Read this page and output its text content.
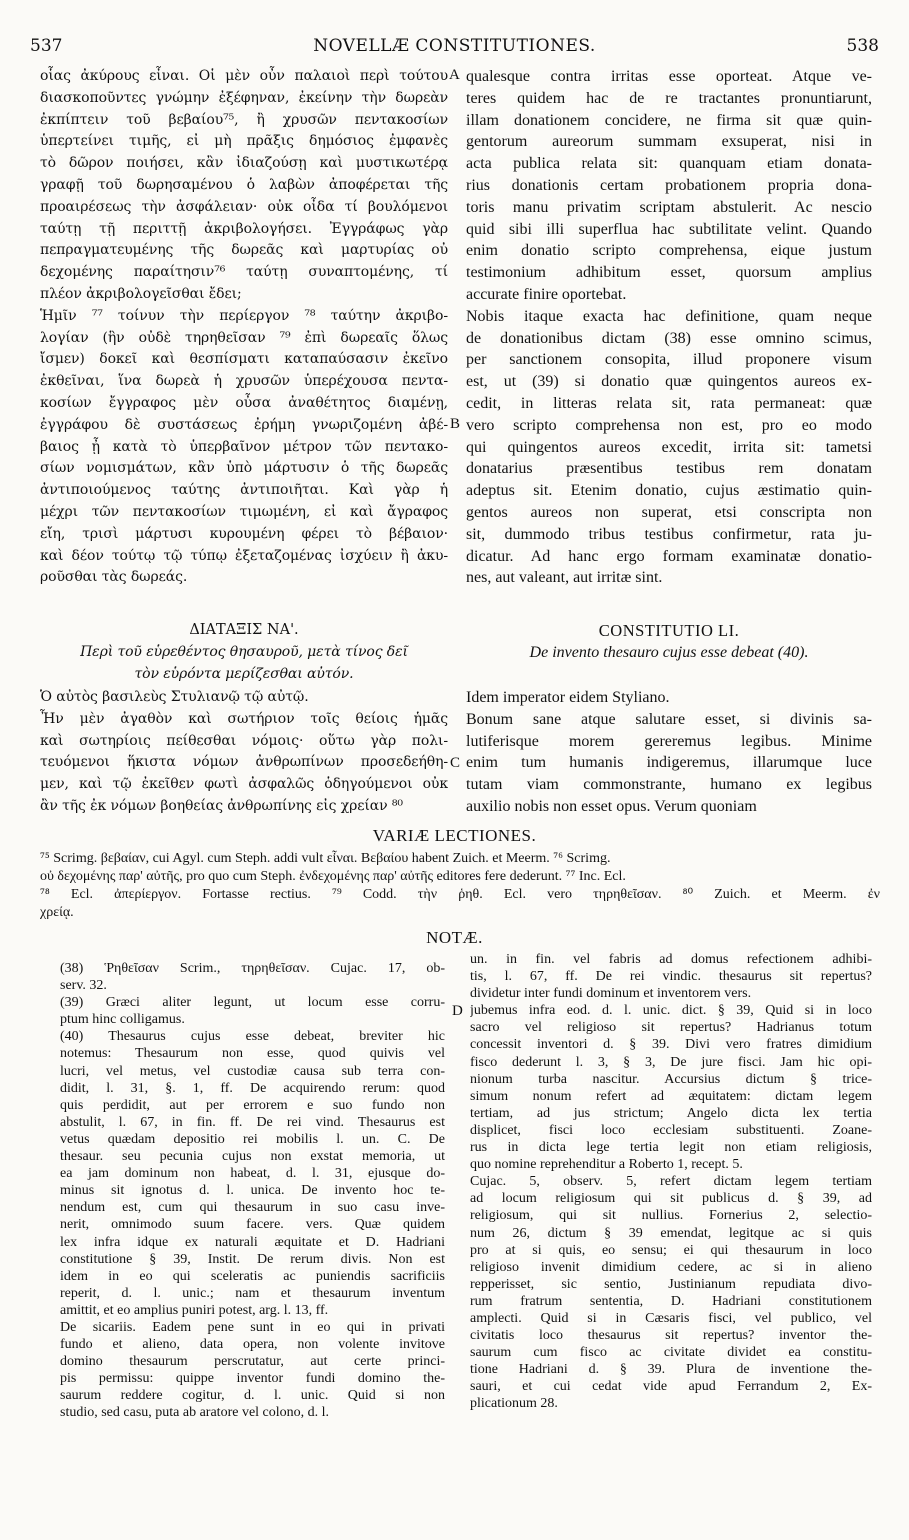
537	NOVELLÆ CONSTITUTIONES.	538
οἷας ἀκύρους εἶναι. Οἱ μὲν οὖν παλαιοὶ περὶ τούτου
διασκοποῦντες γνώμην ἐξέφηναν, ἐκείνην τὴν δωρεὰν
ἐκπίπτειν τοῦ βεβαίου⁷⁵, ἢ χρυσῶν πεντακοσίων
ὑπερτείνει τιμῆς, εἰ μὴ πρᾶξις δημόσιος ἐμφανὲς
τὸ δῶρον ποιήσει, κἂν ἰδιαζούσῃ καὶ μυστικωτέρᾳ
γραφῇ τοῦ δωρησαμένου ὁ λαβὼν ἀποφέρεται τῆς
προαιρέσεως τὴν ἀσφάλειαν· οὐκ οἶδα τί βουλόμενοι
ταύτῃ τῇ περιττῇ ἀκριβολογήσει. Ἐγγράφως γὰρ
πεπραγματευμένης τῆς δωρεᾶς καὶ μαρτυρίας οὐ
δεχομένης παραίτησιν⁷⁶ ταύτῃ συναπτομένης, τί
πλέον ἀκριβολογεῖσθαι ἔδει;
Ἡμῖν ⁷⁷ τοίνυν τὴν περίεργον ⁷⁸ ταύτην ἀκριβο-
λογίαν (ἣν οὐδὲ τηρηθεῖσαν ⁷⁹ ἐπὶ δωρεαῖς ὅλως
ἴσμεν) δοκεῖ καὶ θεσπίσματι καταπαύσασιν ἐκεῖνο
ἐκθεῖναι, ἵνα δωρεὰ ἡ χρυσῶν ὑπερέχουσα πεντα-
κοσίων ἔγγραφος μὲν οὖσα ἀναθέτητος διαμένῃ,
ἐγγράφου δὲ συστάσεως ἐρήμη γνωριζομένη ἀβέ-
βαιος ᾖ κατὰ τὸ ὑπερβαῖνον μέτρον τῶν πεντακο-
σίων νομισμάτων, κἂν ὑπὸ μάρτυσιν ὁ τῆς δωρεᾶς
ἀντιποιούμενος ταύτης ἀντιποιῆται. Καὶ γὰρ ἡ
μέχρι τῶν πεντακοσίων τιμωμένη, εἰ καὶ ἄγραφος
εἴη, τρισὶ μάρτυσι κυρουμένη φέρει τὸ βέβαιον·
καὶ δέον τούτῳ τῷ τύπῳ ἐξεταζομένας ἰσχύειν ἢ ἀκυ-
ροῦσθαι τὰς δωρεάς.
qualesque contra irritas esse oporteat. Atque ve-
teres quidem hac de re tractantes pronuntiarunt,
illam donationem concidere, ne firma sit quæ quin-
gentorum aureorum summam exsuperat, nisi in
acta publica relata sit: quanquam etiam donata-
rius donationis certam probationem propria dona-
toris manu privatim scriptam abstulerit. Ac nescio
quid sibi illi superflua hac subtilitate velint. Quando
enim donatio scripto comprehensa, eique justum
testimonium adhibitum esset, quorsum amplius
accurate finire oportebat.
Nobis itaque exacta hac definitione, quam neque
de donationibus dictam (38) esse omnino scimus,
per sanctionem consopita, illud proponere visum
est, ut (39) si donatio quæ quingentos aureos ex-
cedit, in litteras relata sit, rata permaneat: quæ
vero scripto comprehensa non est, pro eo modo
qui quingentos aureos excedit, irrita sit: tametsi
donatarius præsentibus testibus rem donatam
adeptus sit. Etenim donatio, cujus æstimatio quin-
gentos aureos non superat, etsi conscripta non
sit, dummodo tribus testibus confirmetur, rata ju-
dicatur. Ad hanc ergo formam examinatæ donatio-
nes, aut valeant, aut irritæ sint.
A
B
C
D
ΔΙΑΤΑΞΙΣ ΝΑ'.
Περὶ τοῦ εὑρεθέντος θησαυροῦ, μετὰ τίνος δεῖ
τὸν εὑρόντα μερίζεσθαι αὐτόν.
CONSTITUTIO LI.
De invento thesauro cujus esse debeat (40).
Ὁ αὐτὸς βασιλεὺς Στυλιανῷ τῷ αὐτῷ.
Ἦν μὲν ἀγαθὸν καὶ σωτήριον τοῖς θείοις ἡμᾶς
καὶ σωτηρίοις πείθεσθαι νόμοις· οὕτω γὰρ πολι-
τευόμενοι ἥκιστα νόμων ἀνθρωπίνων προσεδεήθη-
μεν, καὶ τῷ ἐκεῖθεν φωτὶ ἀσφαλῶς ὁδηγούμενοι οὐκ
ἂν τῆς ἐκ νόμων βοηθείας ἀνθρωπίνης εἰς χρείαν ⁸⁰
Idem imperator eidem Styliano.
Bonum sane atque salutare esset, si divinis sa-
lutiferisque morem gereremus legibus. Minime
enim tum humanis indigeremus, illarumque luce
tutam viam commonstrante, humano ex legibus
auxilio nobis non esset opus. Verum quoniam
VARIÆ LECTIONES.
⁷⁵ Scrimg. βεβαίαν, cui Agyl. cum Steph. addi vult εἶναι. Βεβαίου habent Zuich. et Meerm. ⁷⁶ Scrimg.
οὐ δεχομένης παρ' αὐτῆς, pro quo cum Steph. ἐνδεχομένης παρ' αὐτῆς editores fere dederunt. ⁷⁷ Inc. Ecl.
⁷⁸ Ecl. ἀπερίεργον. Fortasse rectius. ⁷⁹ Codd. τὴν ῥηθ. Ecl. vero τηρηθεῖσαν. ⁸⁰ Zuich. et Meerm. ἐν
χρείᾳ.
NOTÆ.
(38) Ῥηθεῖσαν Scrim., τηρηθεῖσαν. Cujac. 17, ob-
serv. 32.
(39) Græci aliter legunt, ut locum esse corru-
ptum hinc colligamus.
(40) Thesaurus cujus esse debeat, breviter hic
notemus: Thesaurum non esse, quod quivis vel
lucri, vel metus, vel custodiæ causa sub terra con-
didit, l. 31, §. 1, ff. De acquirendo rerum: quod
quis perdidit, aut per errorem e suo fundo non
abstulit, l. 67, in fin. ff. De rei vind. Thesaurus est
vetus quædam depositio rei mobilis l. un. C. De
thesaur. seu pecunia cujus non exstat memoria, ut
ea jam dominum non habeat, d. l. 31, ejusque do-
minus sit ignotus d. l. unica. De invento hoc te-
nendum est, cum qui thesaurum in suo casu inve-
nerit, omnimodo suum facere. vers. Quæ quidem
lex infra idque ex naturali æquitate et D. Hadriani
constitutione § 39, Instit. De rerum divis. Non est
idem in eo qui sceleratis ac puniendis sacrificiis
reperit, d. l. unic.; nam et thesaurum inventum
amittit, et eo amplius puniri potest, arg. l. 13, ff.
De sicariis. Eadem pene sunt in eo qui in privati
fundo et alieno, data opera, non volente invitove
domino thesaurum perscrutatur, aut certe princi-
pis permissu: quippe inventor fundi domino the-
saurum reddere cogitur, d. l. unic. Quid si non
studio, sed casu, puta ab aratore vel colono, d. l.
un. in fin. vel fabris ad domus refectionem adhibi-
tis, l. 67, ff. De rei vindic. thesaurus sit repertus?
dividetur inter fundi dominum et inventorem vers.
jubemus infra eod. d. l. unic. dict. § 39, Quid si in loco
sacro vel religioso sit repertus? Hadrianus totum
concessit inventori d. § 39. Divi vero fratres dimidium
fisco dederunt l. 3, § 3, De jure fisci. Jam hic opi-
nionum turba nascitur. Accursius dictum § trice-
simum nonum refert ad æquitatem: dictam legem
tertiam, ad jus strictum; Angelo dicta lex tertia
displicet, fisci loco ecclesiam substituenti. Zoane-
rus in dicta lege tertia legit non etiam religiosis,
quo nomine reprehenditur a Roberto 1, recept. 5.
Cujac. 5, observ. 5, refert dictam legem tertiam
ad locum religiosum qui sit publicus d. § 39, ad
religiosum, qui sit nullius. Fornerius 2, selectio-
num 26, dictum § 39 emendat, legitque ac si quis
pro at si quis, eo sensu; ei qui thesaurum in loco
religioso invenit dimidium cedere, ac si in alieno
repperisset, sic sentio, Justinianum repudiata divo-
rum fratrum sententia, D. Hadriani constitutionem
amplecti. Quid si in Cæsaris fisci, vel publico, vel
civitatis loco thesaurus sit repertus? inventor the-
saurum cum fisco ac civitate dividet ea constitu-
tione Hadriani d. § 39. Plura de inventione the-
sauri, et cui cedat vide apud Ferrandum 2, Ex-
plicationum 28.
